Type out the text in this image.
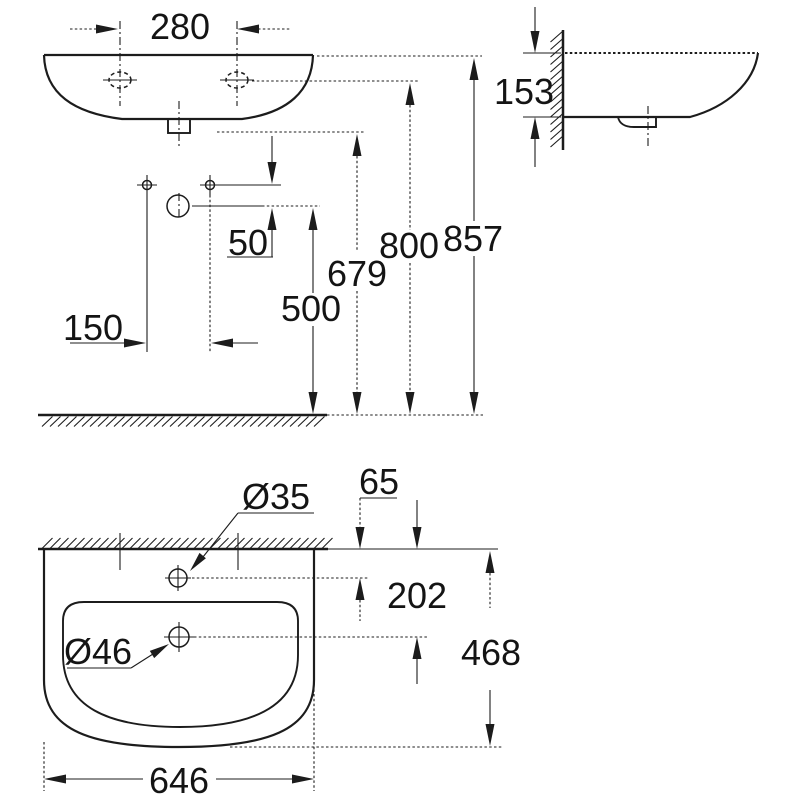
280
50
150
857
800
679
500
153
Ø35
Ø46
65
202
468
646
